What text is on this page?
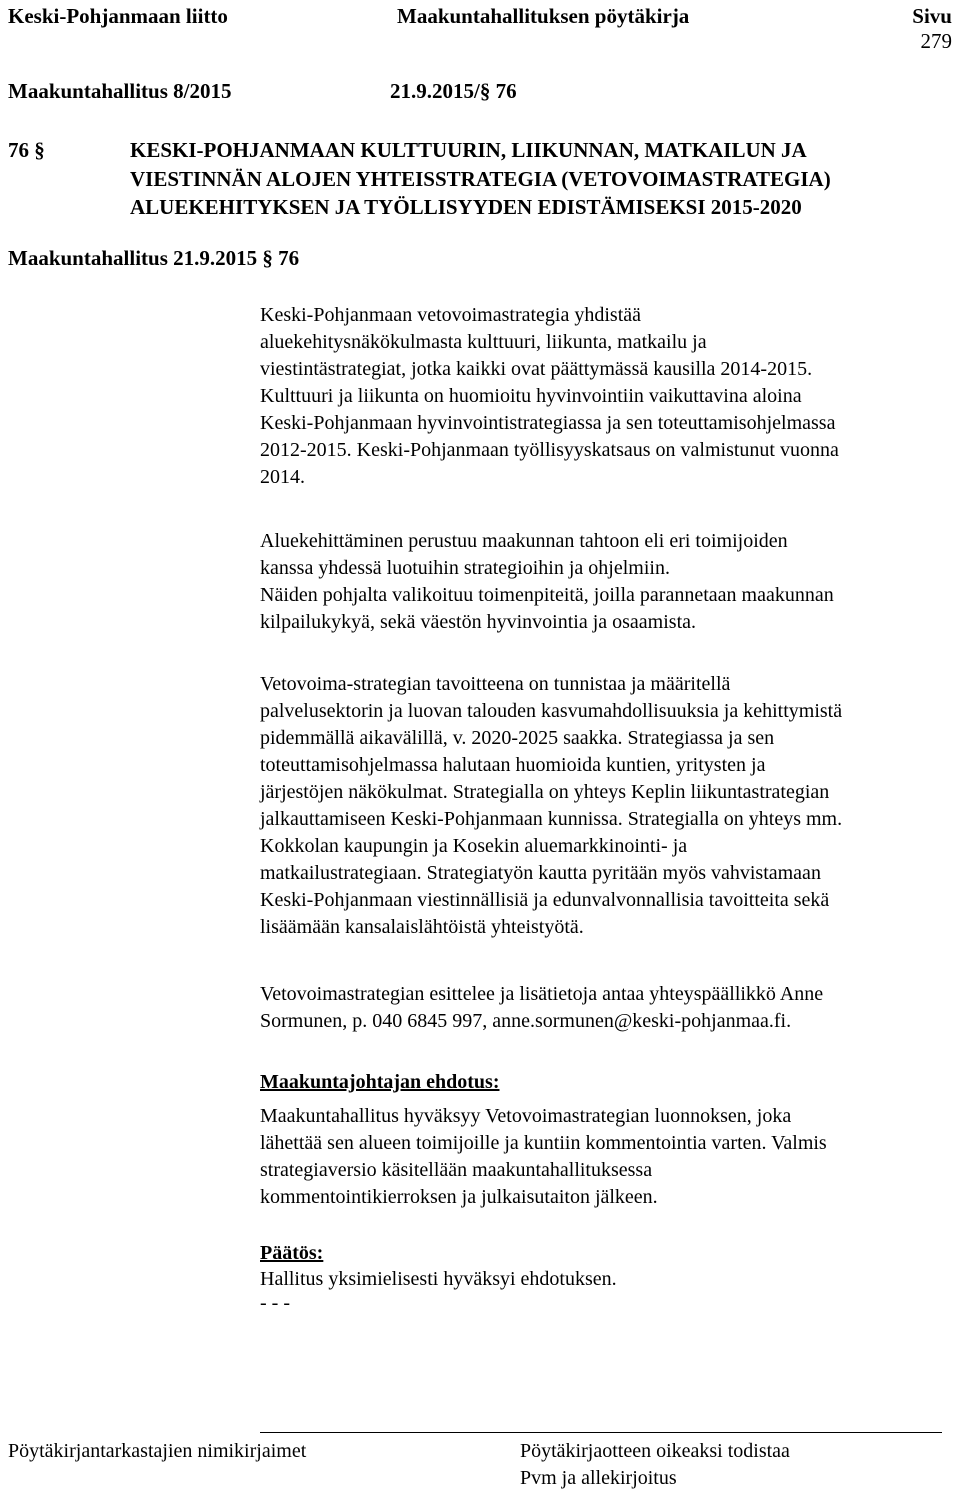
Keski-Pohjanmaan liitto	Maakuntahallituksen pöytäkirja	Sivu
279
Maakuntahallitus 8/2015	21.9.2015/§ 76
76 §	KESKI-POHJANMAAN KULTTUURIN, LIIKUNNAN, MATKAILUN JA
VIESTINNÄN ALOJEN YHTEISSTRATEGIA (VETOVOIMASTRATEGIA)
ALUEKEHITYKSEN JA TYÖLLISYYDEN EDISTÄMISEKSI 2015-2020
Maakuntahallitus 21.9.2015 § 76
Keski-Pohjanmaan vetovoimastrategia yhdistää
aluekehitysnäkökulmasta kulttuuri, liikunta, matkailu ja
viestintästrategiat, jotka kaikki ovat päättymässä kausilla 2014-2015.
Kulttuuri ja liikunta on huomioitu hyvinvointiin vaikuttavina aloina
Keski-Pohjanmaan hyvinvointistrategiassa ja sen toteuttamisohjelmassa
2012-2015. Keski-Pohjanmaan työllisyyskatsaus on valmistunut vuonna
2014.
Aluekehittäminen perustuu maakunnan tahtoon eli eri toimijoiden
kanssa yhdessä luotuihin strategioihin ja ohjelmiin.
Näiden pohjalta valikoituu toimenpiteitä, joilla parannetaan maakunnan
kilpailukykyä, sekä väestön hyvinvointia ja osaamista.
Vetovoima-strategian tavoitteena on tunnistaa ja määritellä
palvelusektorin ja luovan talouden kasvumahdollisuuksia ja kehittymistä
pidemmällä aikavälillä, v. 2020-2025 saakka. Strategiassa ja sen
toteuttamisohjelmassa halutaan huomioida kuntien, yritysten ja
järjestöjen näkökulmat. Strategialla on yhteys Keplin liikuntastrategian
jalkauttamiseen Keski-Pohjanmaan kunnissa. Strategialla on yhteys mm.
Kokkolan kaupungin ja Kosekin aluemarkkinointi- ja
matkailustrategiaan. Strategiatyön kautta pyritään myös vahvistamaan
Keski-Pohjanmaan viestinnällisiä ja edunvalvonnallisia tavoitteita sekä
lisäämään kansalaislähtöistä yhteistyötä.
Vetovoimastrategian esittelee ja lisätietoja antaa yhteyspäällikkö Anne
Sormunen, p. 040 6845 997, anne.sormunen@keski-pohjanmaa.fi.
Maakuntajohtajan ehdotus:
Maakuntahallitus hyväksyy Vetovoimastrategian luonnoksen, joka
lähettää sen alueen toimijoille ja kuntiin kommentointia varten. Valmis
strategiaversio käsitellään maakuntahallituksessa
kommentointikierroksen ja julkaisutaiton jälkeen.
Päätös:
Hallitus yksimielisesti hyväksyi ehdotuksen.
- - -
Pöytäkirjantarkastajien nimikirjaimet	Pöytäkirjaotteen oikeaksi todistaa
Pvm ja allekirjoitus
